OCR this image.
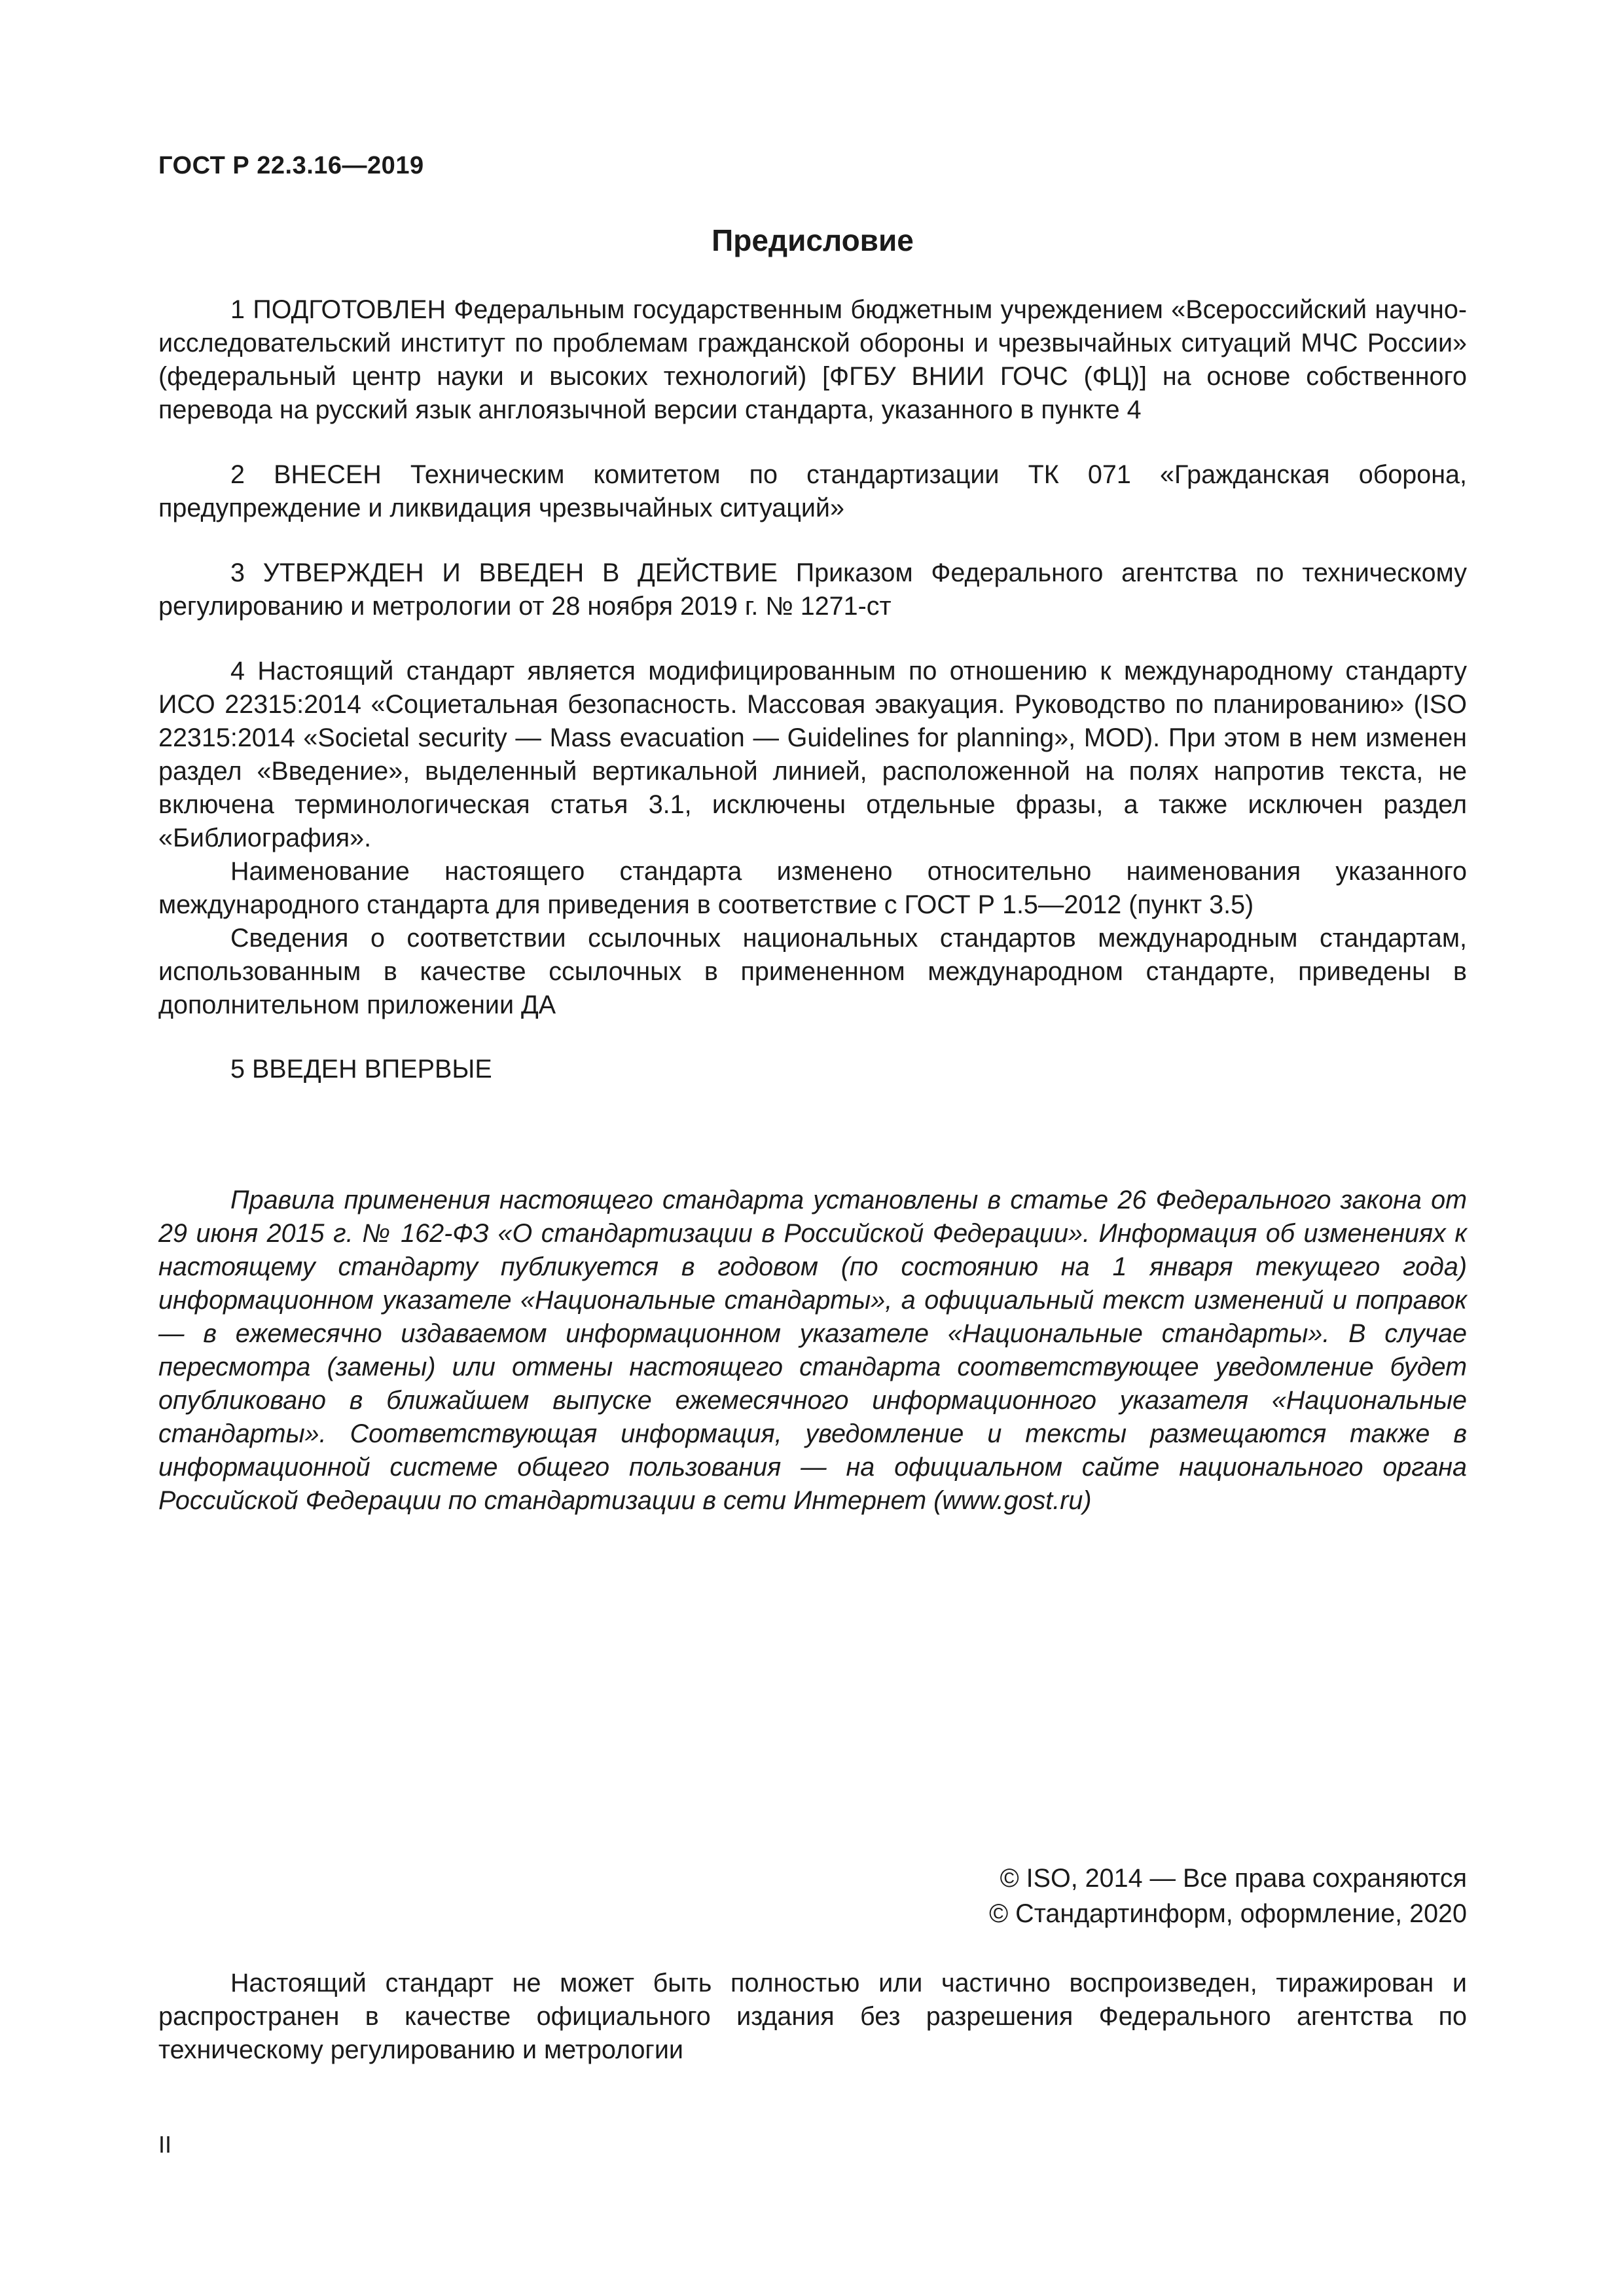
ГОСТ Р 22.3.16—2019

Предисловие

1 ПОДГОТОВЛЕН Федеральным государственным бюджетным учреждением «Всероссийский научно-исследовательский институт по проблемам гражданской обороны и чрезвычайных ситуаций МЧС России» (федеральный центр науки и высоких технологий) [ФГБУ ВНИИ ГОЧС (ФЦ)] на основе собственного перевода на русский язык англоязычной версии стандарта, указанного в пункте 4

2 ВНЕСЕН Техническим комитетом по стандартизации ТК 071 «Гражданская оборона, предупреждение и ликвидация чрезвычайных ситуаций»

3 УТВЕРЖДЕН И ВВЕДЕН В ДЕЙСТВИЕ Приказом Федерального агентства по техническому регулированию и метрологии от 28 ноября 2019 г. № 1271-ст

4 Настоящий стандарт является модифицированным по отношению к международному стандарту ИСО 22315:2014 «Социетальная безопасность. Массовая эвакуация. Руководство по планированию» (ISO 22315:2014 «Societal security — Mass evacuation — Guidelines for planning», MOD). При этом в нем изменен раздел «Введение», выделенный вертикальной линией, расположенной на полях напротив текста, не включена терминологическая статья 3.1, исключены отдельные фразы, а также исключен раздел «Библиография».

Наименование настоящего стандарта изменено относительно наименования указанного международного стандарта для приведения в соответствие с ГОСТ Р 1.5—2012 (пункт 3.5)

Сведения о соответствии ссылочных национальных стандартов международным стандартам, использованным в качестве ссылочных в примененном международном стандарте, приведены в дополнительном приложении ДА

5 ВВЕДЕН ВПЕРВЫЕ

Правила применения настоящего стандарта установлены в статье 26 Федерального закона от 29 июня 2015 г. № 162-ФЗ «О стандартизации в Российской Федерации». Информация об изменениях к настоящему стандарту публикуется в годовом (по состоянию на 1 января текущего года) информационном указателе «Национальные стандарты», а официальный текст изменений и поправок — в ежемесячно издаваемом информационном указателе «Национальные стандарты». В случае пересмотра (замены) или отмены настоящего стандарта соответствующее уведомление будет опубликовано в ближайшем выпуске ежемесячного информационного указателя «Национальные стандарты». Соответствующая информация, уведомление и тексты размещаются также в информационной системе общего пользования — на официальном сайте национального органа Российской Федерации по стандартизации в сети Интернет (www.gost.ru)

© ISO, 2014 — Все права сохраняются
© Стандартинформ, оформление, 2020

Настоящий стандарт не может быть полностью или частично воспроизведен, тиражирован и распространен в качестве официального издания без разрешения Федерального агентства по техническому регулированию и метрологии

II
